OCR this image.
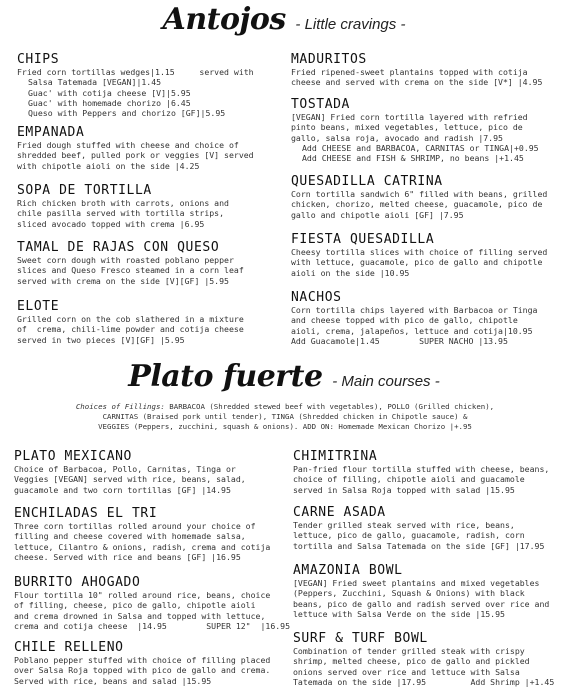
Antojos - Little cravings -
CHIPS

Fried corn tortillas wedges|1.15     served with

Salsa Tatemada [VEGAN]|1.45

Guac' with cotija cheese [V]|5.95

Guac' with homemade chorizo |6.45

Queso with Peppers and chorizo [GF]|5.95

EMPANADA

Fried dough stuffed with cheese and choice of

shredded beef, pulled pork or veggies [V] served

with chipotle aioli on the side |4.25

SOPA DE TORTILLA

Rich chicken broth with carrots, onions and

chile pasilla served with tortilla strips,

sliced avocado topped with crema |6.95

TAMAL DE RAJAS CON QUESO

Sweet corn dough with roasted poblano pepper

slices and Queso Fresco steamed in a corn leaf

served with crema on the side [V][GF] |5.95

ELOTE

Grilled corn on the cob slathered in a mixture

of  crema, chili-lime powder and cotija cheese

served in two pieces [V][GF] |5.95

MADURITOS

Fried ripened-sweet plantains topped with cotija

cheese and served with crema on the side [V*] |4.95

TOSTADA

[VEGAN] Fried corn tortilla layered with refried

pinto beans, mixed vegetables, lettuce, pico de

gallo, salsa roja, avocado and radish |7.95

Add CHEESE and BARBACOA, CARNITAS or TINGA|+0.95

Add CHEESE and FISH & SHRIMP, no beans |+1.45

QUESADILLA CATRINA

Corn tortilla sandwich 6" filled with beans, grilled

chicken, chorizo, melted cheese, guacamole, pico de

gallo and chipotle aioli [GF] |7.95

FIESTA QUESADILLA

Cheesy tortilla slices with choice of filling served

with lettuce, guacamole, pico de gallo and chipotle

aioli on the side |10.95

NACHOS

Corn tortilla chips layered with Barbacoa or Tinga

and cheese topped with pico de gallo, chipotle

aioli, crema, jalapeños, lettuce and cotija|10.95

Add Guacamole|1.45        SUPER NACHO |13.95

Plato fuerte - Main courses -

Choices of Fillings: BARBACOA (Shredded stewed beef with vegetables), POLLO (Grilled chicken),
CARNITAS (Braised pork until tender), TINGA (Shredded chicken in Chipotle sauce) &
VEGGIES (Peppers, zucchini, squash & onions). ADD ON: Homemade Mexican Chorizo |+.95

PLATO MEXICANO

Choice of Barbacoa, Pollo, Carnitas, Tinga or

Veggies [VEGAN] served with rice, beans, salad,

guacamole and two corn tortillas [GF] |14.95

ENCHILADAS EL TRI

Three corn tortillas rolled around your choice of

filling and cheese covered with homemade salsa,

lettuce, Cilantro & onions, radish, crema and cotija

cheese. Served with rice and beans [GF] |16.95

BURRITO AHOGADO

Flour tortilla 10" rolled around rice, beans, choice

of filling, cheese, pico de gallo, chipotle aioli

and crema drowned in Salsa and topped with lettuce,

crema and cotija cheese  |14.95        SUPER 12"  |16.95

CHILE RELLENO

Poblano pepper stuffed with choice of filling placed

over Salsa Roja topped with pico de gallo and crema.

Served with rice, beans and salad |15.95

CHIMITRINA

Pan-fried flour tortilla stuffed with cheese, beans,

choice of filling, chipotle aioli and guacamole

served in Salsa Roja topped with salad |15.95

CARNE ASADA

Tender grilled steak served with rice, beans,

lettuce, pico de gallo, guacamole, radish, corn

tortilla and Salsa Tatemada on the side [GF] |17.95

AMAZONIA BOWL

[VEGAN] Fried sweet plantains and mixed vegetables

(Peppers, Zucchini, Squash & Onions) with black

beans, pico de gallo and radish served over rice and

lettuce with Salsa Verde on the side |15.95

SURF & TURF BOWL

Combination of tender grilled steak with crispy

shrimp, melted cheese, pico de gallo and pickled

onions served over rice and lettuce with Salsa

Tatemada on the side |17.95         Add Shrimp |+1.45
